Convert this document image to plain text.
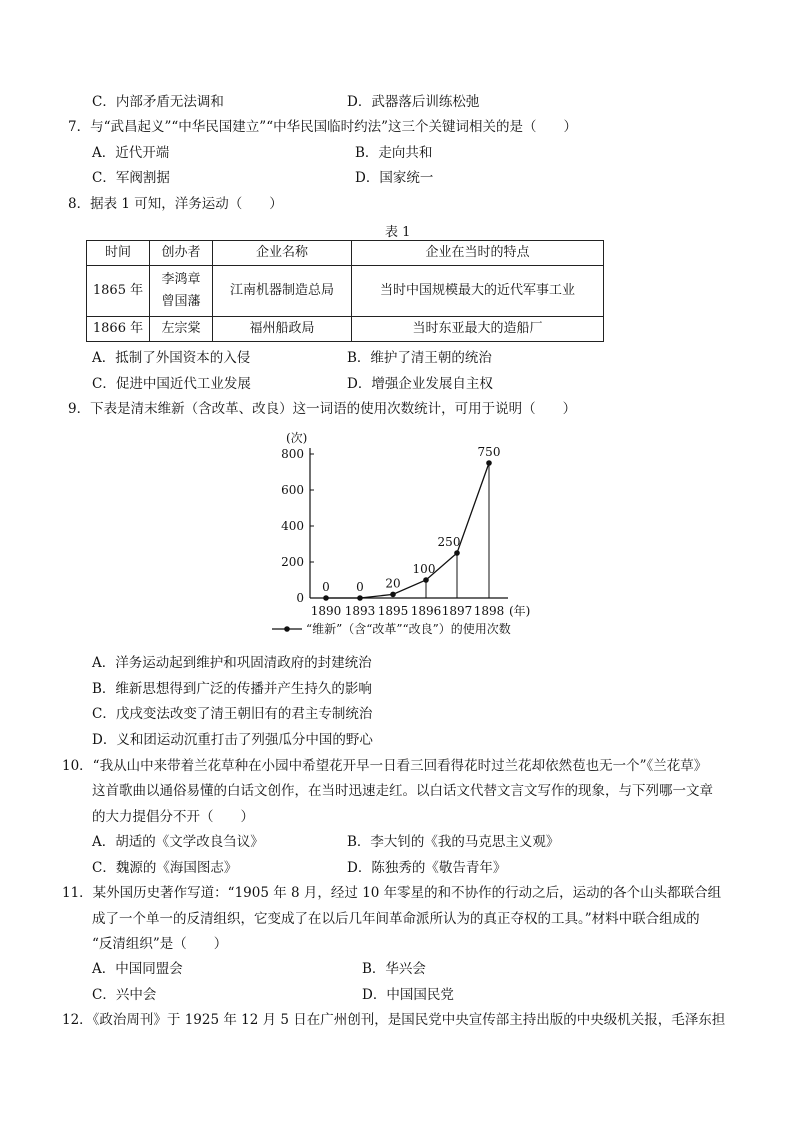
C．内部矛盾无法调和	D．武器落后训练松弛
7．与“武昌起义”“中华民国建立”“中华民国临时约法”这三个关键词相关的是（　　）
A．近代开端	B．走向共和
C．军阀割据	D．国家统一
8．据表 1 可知，洋务运动（　　）
表 1
时间	创办者	企业名称	企业在当时的特点
1865 年	李鸿章 曾国藩	江南机器制造总局	当时中国规模最大的近代军事工业
1866 年	左宗棠	福州船政局	当时东亚最大的造船厂
A．抵制了外国资本的入侵	B．维护了清王朝的统治
C．促进中国近代工业发展	D．增强企业发展自主权
9．下表是清末维新（含改革、改良）这一词语的使用次数统计，可用于说明（　　）
(次)
0
200
400
600
800
1890 1893 1895 1896 1897 1898 (年)
0 0 20
100
250
750
“维新”（含“改革”“改良”）的使用次数
A．洋务运动起到维护和巩固清政府的封建统治
B．维新思想得到广泛的传播并产生持久的影响
C．戊戌变法改变了清王朝旧有的君主专制统治
D．义和团运动沉重打击了列强瓜分中国的野心
10．“我从山中来带着兰花草种在小园中希望花开早一日看三回看得花时过兰花却依然苞也无一个”《兰花草》
这首歌曲以通俗易懂的白话文创作，在当时迅速走红。以白话文代替文言文写作的现象，与下列哪一文章
的大力提倡分不开（　　）
A．胡适的《文学改良刍议》	B．李大钊的《我的马克思主义观》
C．魏源的《海国图志》	D．陈独秀的《敬告青年》
11．某外国历史著作写道：“1905 年 8 月，经过 10 年零星的和不协作的行动之后，运动的各个山头都联合组
成了一个单一的反清组织，它变成了在以后几年间革命派所认为的真正夺权的工具。”材料中联合组成的
“反清组织”是（　　）
A．中国同盟会	B．华兴会
C．兴中会	D．中国国民党
12．《政治周刊》于 1925 年 12 月 5 日在广州创刊，是国民党中央宣传部主持出版的中央级机关报，毛泽东担
